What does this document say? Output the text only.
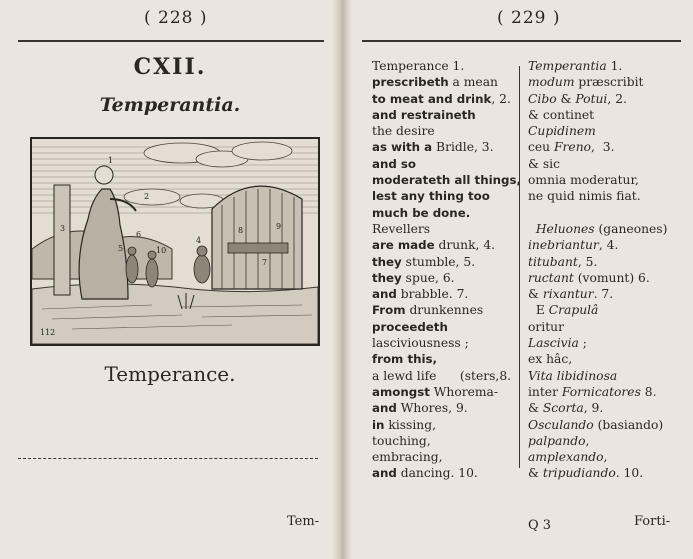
( 228 )
CXII.
Temperantia.
1
2
3
4
5
6
7
8	9
10
112
Temperance.
Tem-
( 229 )
Temperance 1.
prescribeth a mean
to meat and drink, 2.
and restraineth
the desire
as with a Bridle, 3.
and so
moderateth all things,
lest any thing too
much be done.
Revellers
are made drunk, 4.
they stumble, 5.
they spue, 6.
and brabble. 7.
From drunkennes
proceedeth
lasciviousness ;
from this,
a lewd life      (sters,8.
amongst Whorema-
and Whores, 9.
in kissing,
touching,
embracing,
and dancing. 10.
Temperantia 1.
modum præscribit
Cibo & Potui, 2.
& continet
Cupidinem
ceu Freno,  3.
& sic
omnia moderatur,
ne quid nimis fiat.

Heluones (ganeones)
inebriantur, 4.
titubant, 5.
ructant (vomunt) 6.
& rixantur. 7.
E Crapulâ
oritur
Lascivia ;
ex hâc,
Vita libidinosa
inter Fornicatores 8.
& Scorta, 9.
Osculando (basiando)
palpando,
amplexando,
& tripudiando. 10.
Q 3	Forti-
